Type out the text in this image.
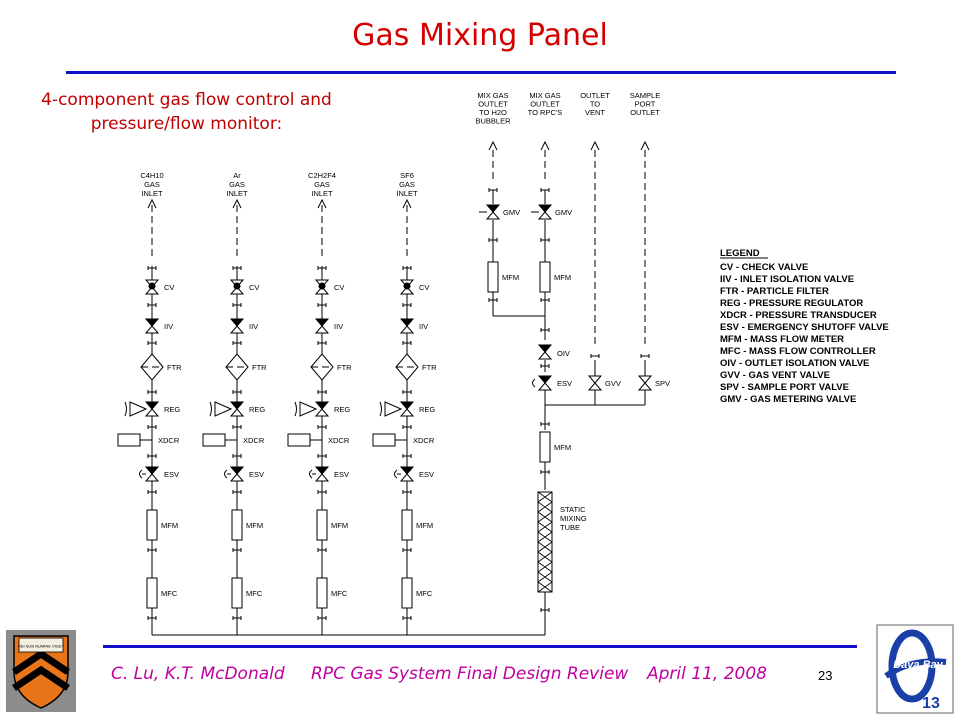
Gas Mixing Panel
4-component gas flow control and pressure/flow monitor:
C4H10
GAS
INLET
CV
IIV
FTR
REG
XDCR
ESV
MFM
MFC
Ar
GAS
INLET
CV
IIV
FTR
REG
XDCR
ESV
MFM
MFC
C2H2F4
GAS
INLET
CV
IIV
FTR
REG
XDCR
ESV
MFM
MFC
SF6
GAS
INLET
CV
IIV
FTR
REG
XDCR
ESV
MFM
MFC
MIX GAS
OUTLET
TO H2O
BUBBLER
MIX GAS
OUTLET
TO RPC'S
OUTLET
TO
VENT
SAMPLE
PORT
OUTLET
GMV
MFM
GMV
MFM
OIV
ESV
MFM
STATIC
MIXING
TUBE
GVV	SPV
LEGEND
CV - CHECK VALVE
IIV - INLET ISOLATION VALVE
FTR - PARTICLE FILTER
REG - PRESSURE REGULATOR
XDCR - PRESSURE TRANSDUCER
ESV - EMERGENCY SHUTOFF VALVE
MFM - MASS FLOW METER
MFC - MASS FLOW CONTROLLER
OIV - OUTLET ISOLATION VALVE
GVV - GAS VENT VALVE
SPV - SAMPLE PORT VALVE
GMV - GAS METERING VALVE
C. Lu, K.T. McDonald RPC Gas System Final Design Review April 11, 2008	23
DEI SUB NUMINE VIGET
Daya Bay
13
